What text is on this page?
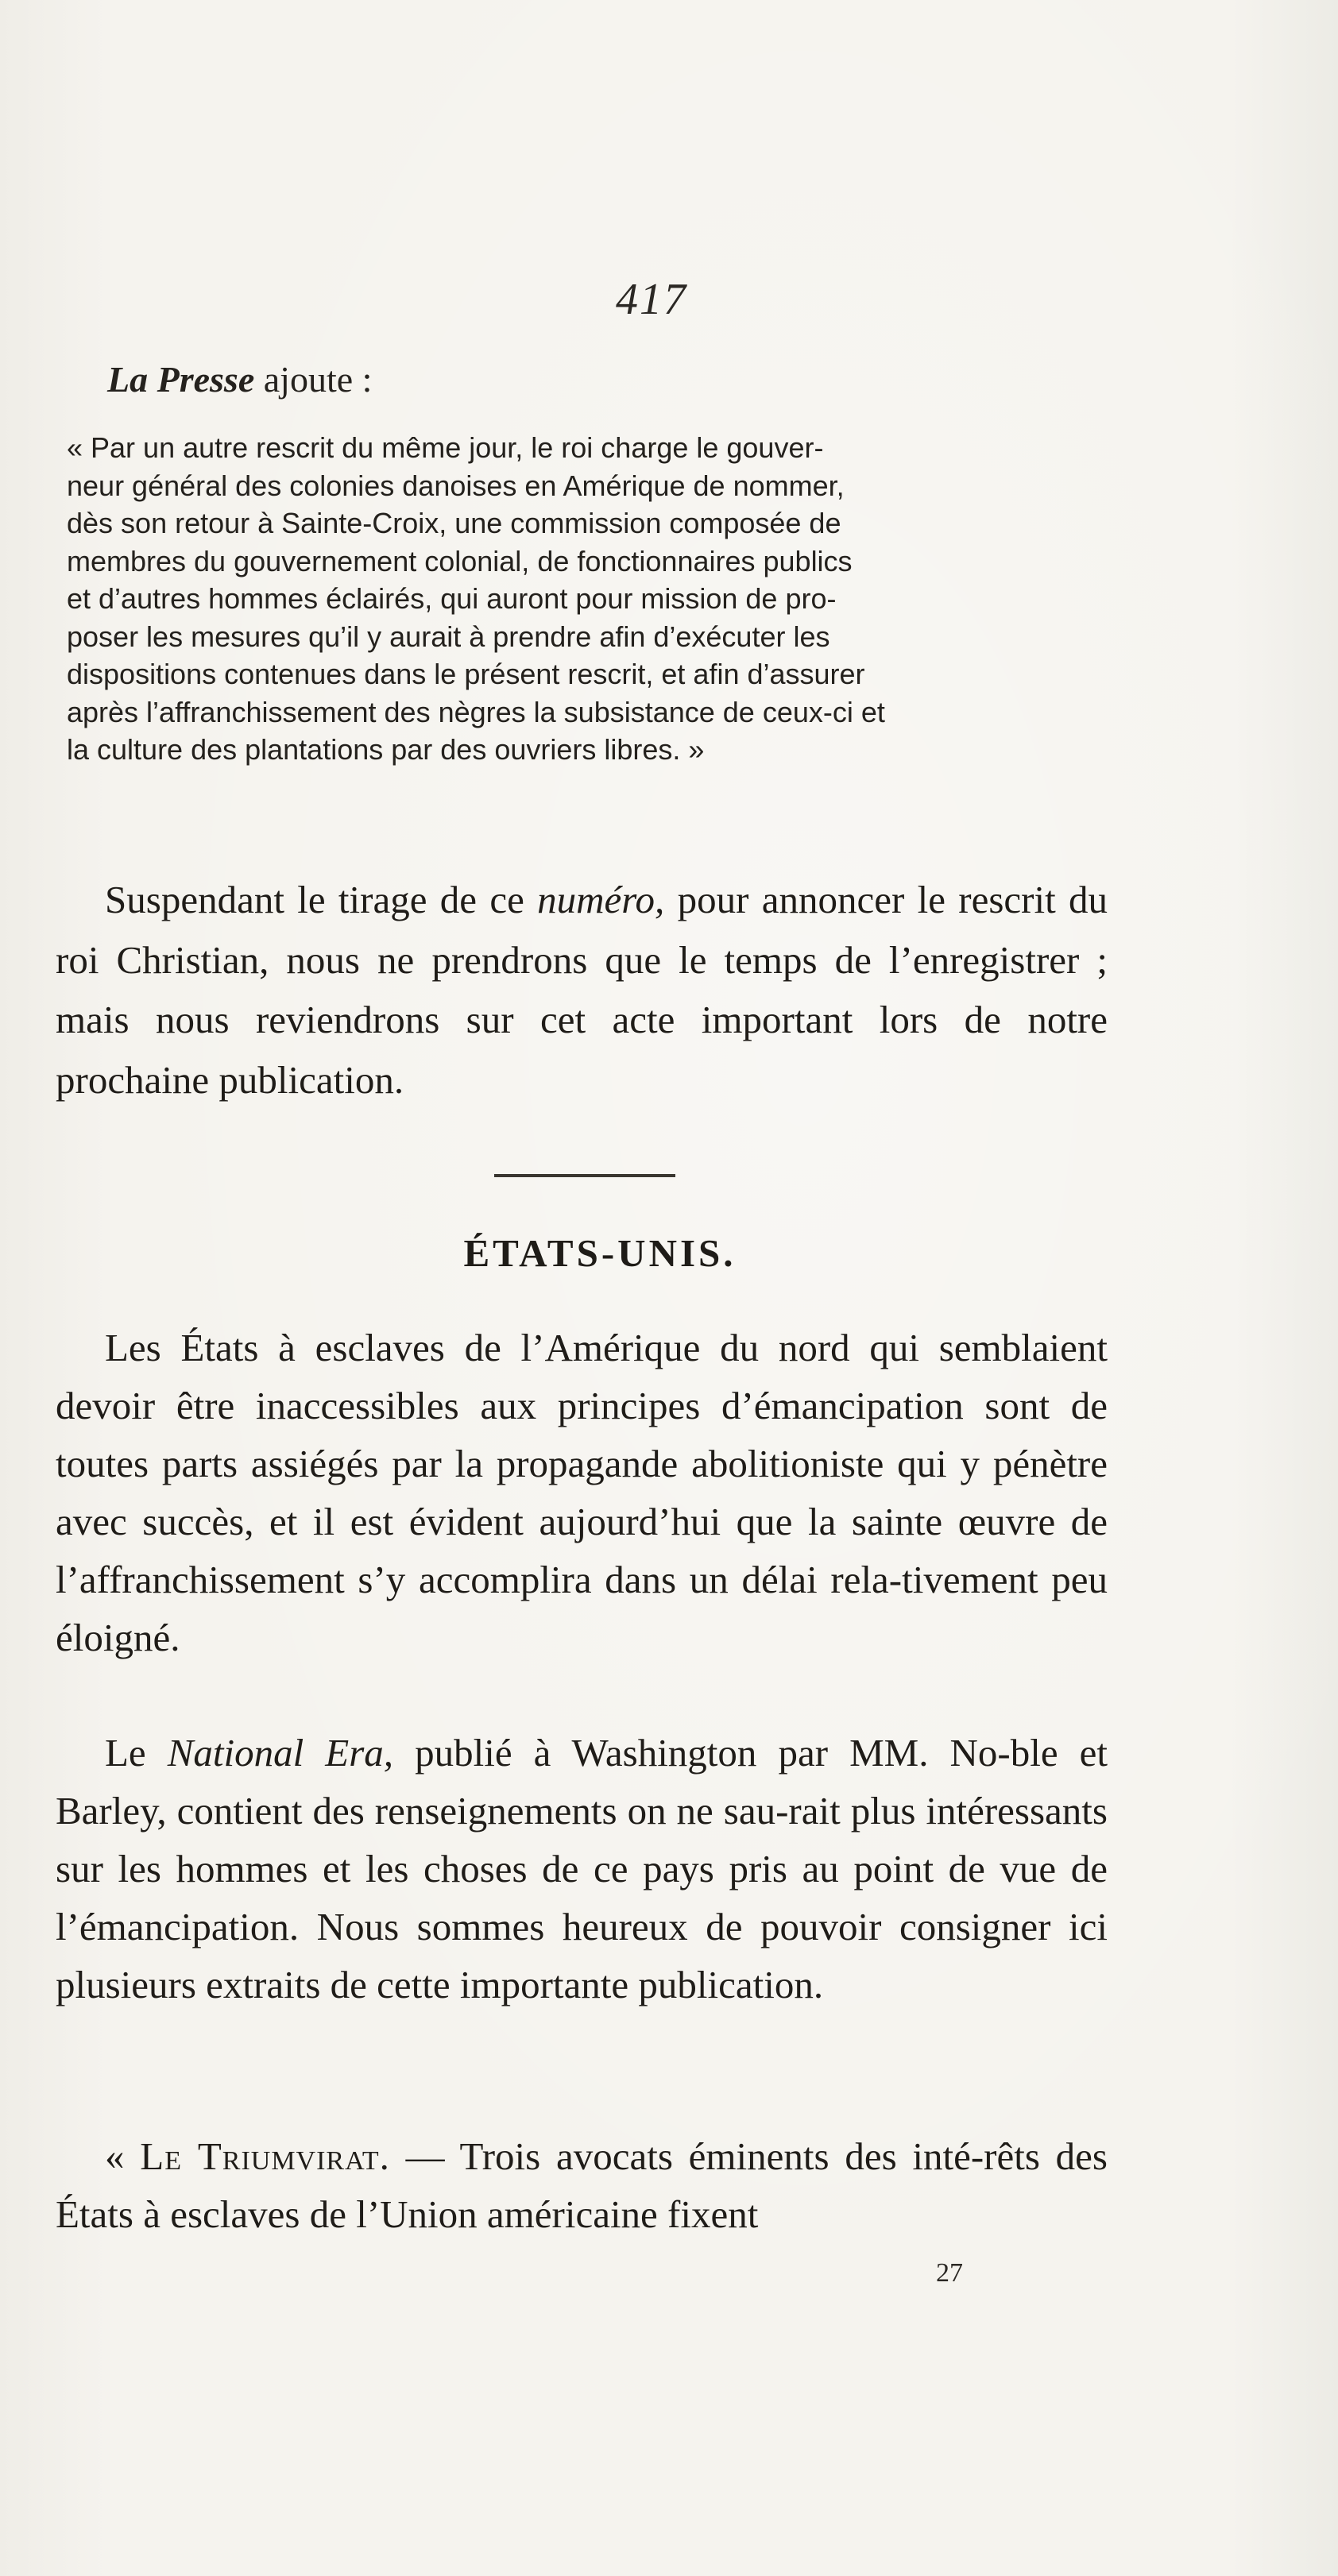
417
La Presse ajoute :

« Par un autre rescrit du même jour, le roi charge le gouver-

neur général des colonies danoises en Amérique de nommer,

dès son retour à Sainte-Croix, une commission composée de

membres du gouvernement colonial, de fonctionnaires publics

et d’autres hommes éclairés, qui auront pour mission de pro-

poser les mesures qu’il y aurait à prendre afin d’exécuter les

dispositions contenues dans le présent rescrit, et afin d’assurer

après l’affranchissement des nègres la subsistance de ceux-ci et

la culture des plantations par des ouvriers libres. »

Suspendant le tirage de ce numéro, pour annoncer le rescrit du roi Christian, nous ne prendrons que le temps de l’enregistrer ; mais nous reviendrons sur cet acte important lors de notre prochaine publication.

ÉTATS-UNIS.

Les États à esclaves de l’Amérique du nord qui semblaient devoir être inaccessibles aux principes d’émancipation sont de toutes parts assiégés par la propagande abolitioniste qui y pénètre avec succès, et il est évident aujourd’hui que la sainte œuvre de l’affranchissement s’y accomplira dans un délai rela-tivement peu éloigné.

Le National Era, publié à Washington par MM. No-ble et Barley, contient des renseignements on ne sau-rait plus intéressants sur les hommes et les choses de ce pays pris au point de vue de l’émancipation. Nous sommes heureux de pouvoir consigner ici plusieurs extraits de cette importante publication.

« Le Triumvirat. — Trois avocats éminents des inté-rêts des États à esclaves de l’Union américaine fixent

27
